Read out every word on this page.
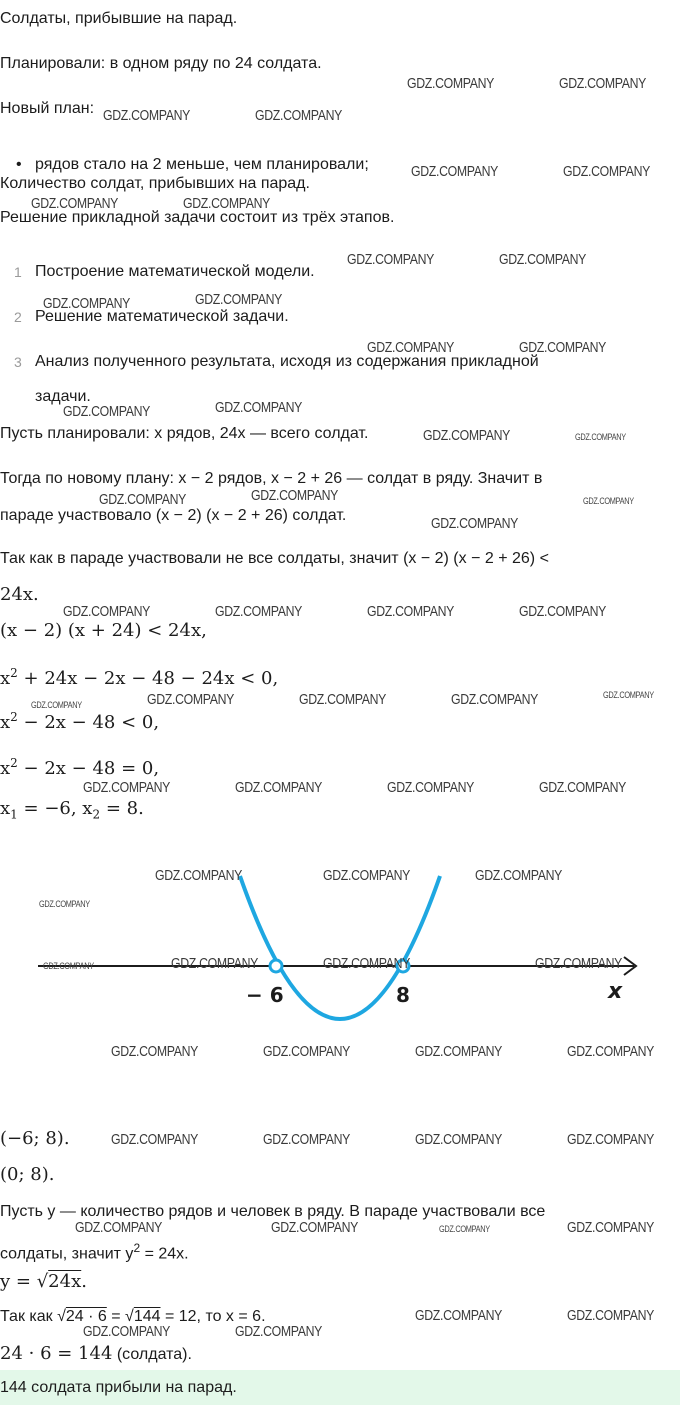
Солдаты, прибывшие на парад.
Планировали: в одном ряду по 24 солдата.
Новый план:
• рядов стало на 2 меньше, чем планировали;
Количество солдат, прибывших на парад.
Решение прикладной задачи состоит из трёх этапов.
1 Построение математической модели.
2 Решение математической задачи.
3 Анализ полученного результата, исходя из содержания прикладной
задачи.
Пусть планировали: x рядов, 24x — всего солдат.
Тогда по новому плану: x − 2 рядов, x − 2 + 26 — солдат в ряду. Значит в
параде участвовало (x − 2) (x − 2 + 26) солдат.
Так как в параде участвовали не все солдаты, значит (x − 2) (x − 2 + 26) <
24x.
(x − 2) (x + 24) < 24x,
$x^2 + 24x - 2x - 48 - 24x < 0$,
$x^2 - 2x - 48 < 0$,
$x^2 - 2x - 48 = 0$,
$x_1 = -6$, $x_2 = 8$.
− 6	8	x
(−6; 8).
(0; 8).
Пусть y — количество рядов и человек в ряду. В параде участвовали все
солдаты, значит $y^2 = 24x$.
y = √24x.
Так как √24 · 6 = √144 = 12, то x = 6.
24 · 6 = 144 (солдата).
144 солдата прибыли на парад.
GDZ.COMPANY	GDZ.COMPANY
GDZ.COMPANY	GDZ.COMPANY
GDZ.COMPANY	GDZ.COMPANY
GDZ.COMPANY	GDZ.COMPANY
GDZ.COMPANY	GDZ.COMPANY
GDZ.COMPANY	GDZ.COMPANY
GDZ.COMPANY	GDZ.COMPANY
GDZ.COMPANY	GDZ.COMPANY
GDZ.COMPANY
GDZ.COMPANY	GDZ.COMPANY
GDZ.COMPANY
GDZ.COMPANY	GDZ.COMPANY	GDZ.COMPANY	GDZ.COMPANY
GDZ.COMPANY	GDZ.COMPANY	GDZ.COMPANY
GDZ.COMPANY	GDZ.COMPANY	GDZ.COMPANY	GDZ.COMPANY
GDZ.COMPANY	GDZ.COMPANY	GDZ.COMPANY
GDZ.COMPANY	GDZ.COMPANY	GDZ.COMPANY
GDZ.COMPANY	GDZ.COMPANY	GDZ.COMPANY	GDZ.COMPANY
GDZ.COMPANY	GDZ.COMPANY	GDZ.COMPANY	GDZ.COMPANY
GDZ.COMPANY	GDZ.COMPANY	GDZ.COMPANY
GDZ.COMPANY	GDZ.COMPANY
GDZ.COMPANY	GDZ.COMPANY
GDZ.COMPANY
GDZ.COMPANY
GDZ.COMPANY
GDZ.COMPANY
GDZ.COMPANY
GDZ.COMPANY
GDZ.COMPANY
